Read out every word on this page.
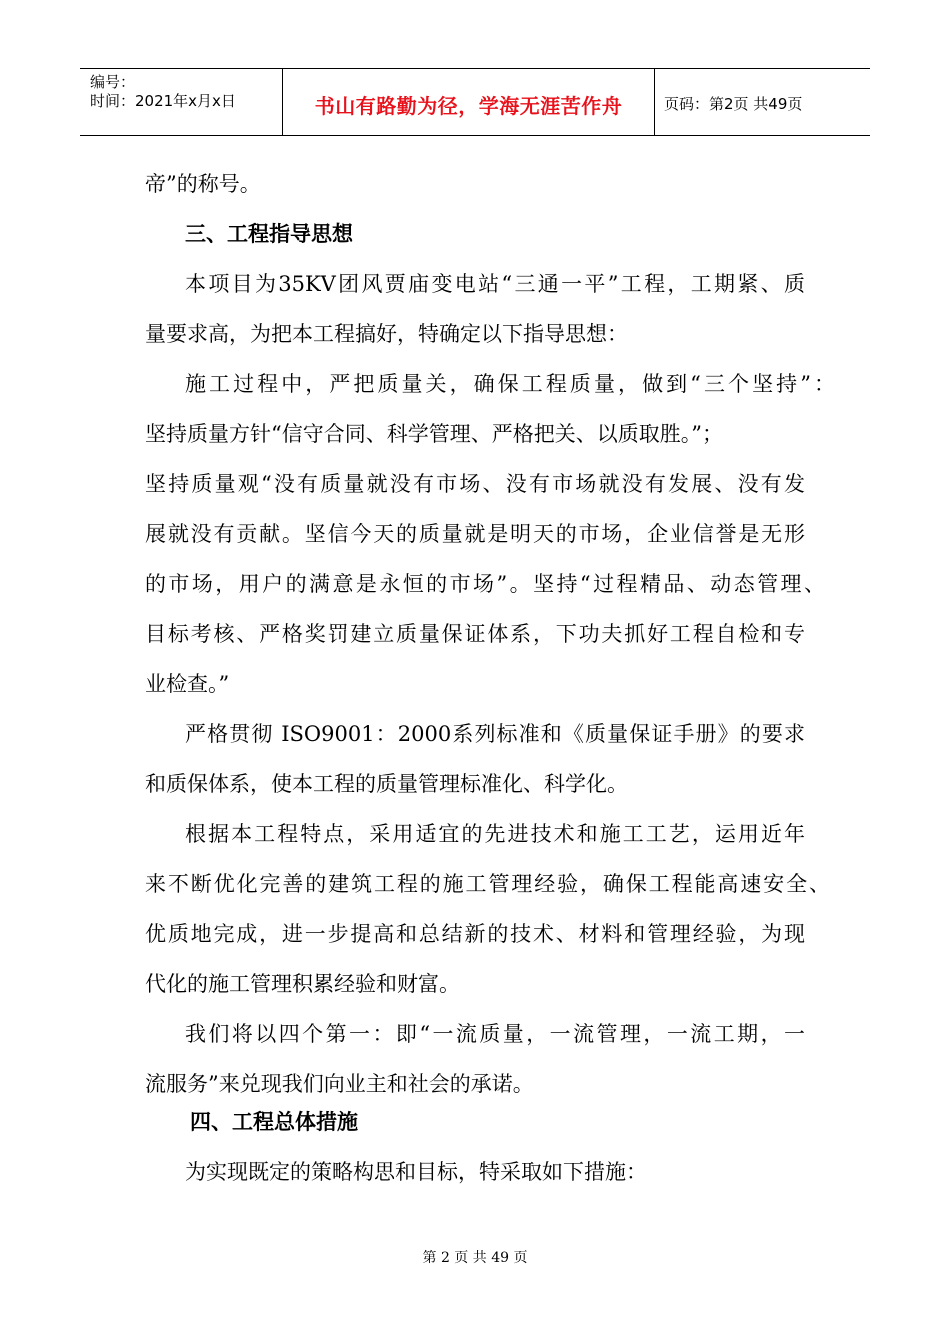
编号：
时间：2021年x月x日	书山有路勤为径，学海无涯苦作舟	页码：第2页 共49页
帝”的称号。
三、工程指导思想
本项目为35KV团风贾庙变电站“三通一平”工程，工期紧、质
量要求高，为把本工程搞好，特确定以下指导思想：
施工过程中，严把质量关，确保工程质量，做到“三个坚持”：
坚持质量方针“信守合同、科学管理、严格把关、以质取胜。”；
坚持质量观“没有质量就没有市场、没有市场就没有发展、没有发
展就没有贡献。坚信今天的质量就是明天的市场，企业信誉是无形
的市场，用户的满意是永恒的市场”。坚持“过程精品、动态管理、
目标考核、严格奖罚建立质量保证体系，下功夫抓好工程自检和专
业检查。”
严格贯彻 ISO9001：2000系列标准和《质量保证手册》的要求
和质保体系，使本工程的质量管理标准化、科学化。
根据本工程特点，采用适宜的先进技术和施工工艺，运用近年
来不断优化完善的建筑工程的施工管理经验，确保工程能高速安全、
优质地完成，进一步提高和总结新的技术、材料和管理经验，为现
代化的施工管理积累经验和财富。
我们将以四个第一：即“一流质量，一流管理，一流工期，一
流服务”来兑现我们向业主和社会的承诺。
四、工程总体措施
为实现既定的策略构思和目标，特采取如下措施：
第 2 页 共 49 页
